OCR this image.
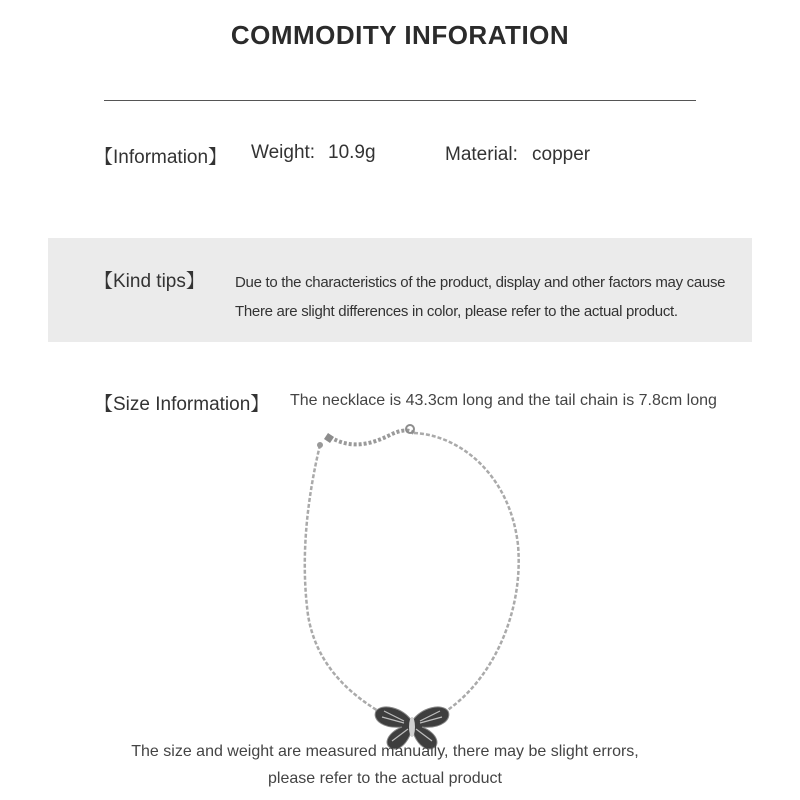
COMMODITY INFORATION
【Information】 Weight: 10.9g	Material: copper
【Kind tips】 Due to the characteristics of the product, display and other factors may cause
There are slight differences in color, please refer to the actual product.
【Size Information】 The necklace is 43.3cm long and the tail chain is 7.8cm long
The size and weight are measured manually, there may be slight errors,
please refer to the actual product
